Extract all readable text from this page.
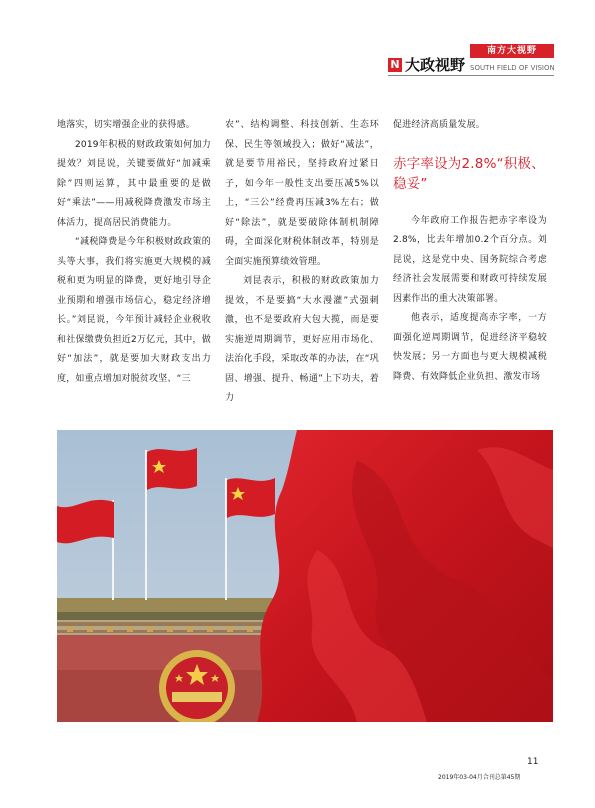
N 大政视野
南方大视野
SOUTH FIELD OF VISION

地落实，切实增强企业的获得感。

2019年积极的财政政策如何加力提效？刘昆说，关键要做好“加减乘除”四则运算，其中最重要的是做好“乘法”——用减税降费激发市场主体活力，提高居民消费能力。

“减税降费是今年积极财政政策的头等大事，我们将实施更大规模的减税和更为明显的降费，更好地引导企业预期和增强市场信心，稳定经济增长。”刘昆说，今年预计减轻企业税收和社保缴费负担近2万亿元，其中，做好“加法”，就是要加大财政支出力度，如重点增加对脱贫攻坚、“三

农”、结构调整、科技创新、生态环保、民生等领域投入；做好“减法”，就是要节用裕民，坚持政府过紧日子，如今年一般性支出要压减5%以上，“三公”经费再压减3%左右；做好“除法”，就是要破除体制机制障碍，全面深化财税体制改革，特别是全面实施预算绩效管理。

刘昆表示，积极的财政政策加力提效，不是要搞“大水漫灌”式强刺激，也不是要政府大包大揽，而是要实施逆周期调节，更好应用市场化、法治化手段，采取改革的办法，在“巩固、增强、提升、畅通”上下功夫，着力

促进经济高质量发展。

赤字率设为2.8%“积极、稳妥”

今年政府工作报告把赤字率设为2.8%，比去年增加0.2个百分点。刘昆说，这是党中央、国务院综合考虑经济社会发展需要和财政可持续发展因素作出的重大决策部署。

他表示，适度提高赤字率，一方面强化逆周期调节，促进经济平稳较快发展；另一方面也与更大规模减税降费、有效降低企业负担、激发市场

11
2019年03-04月合刊总第45期
